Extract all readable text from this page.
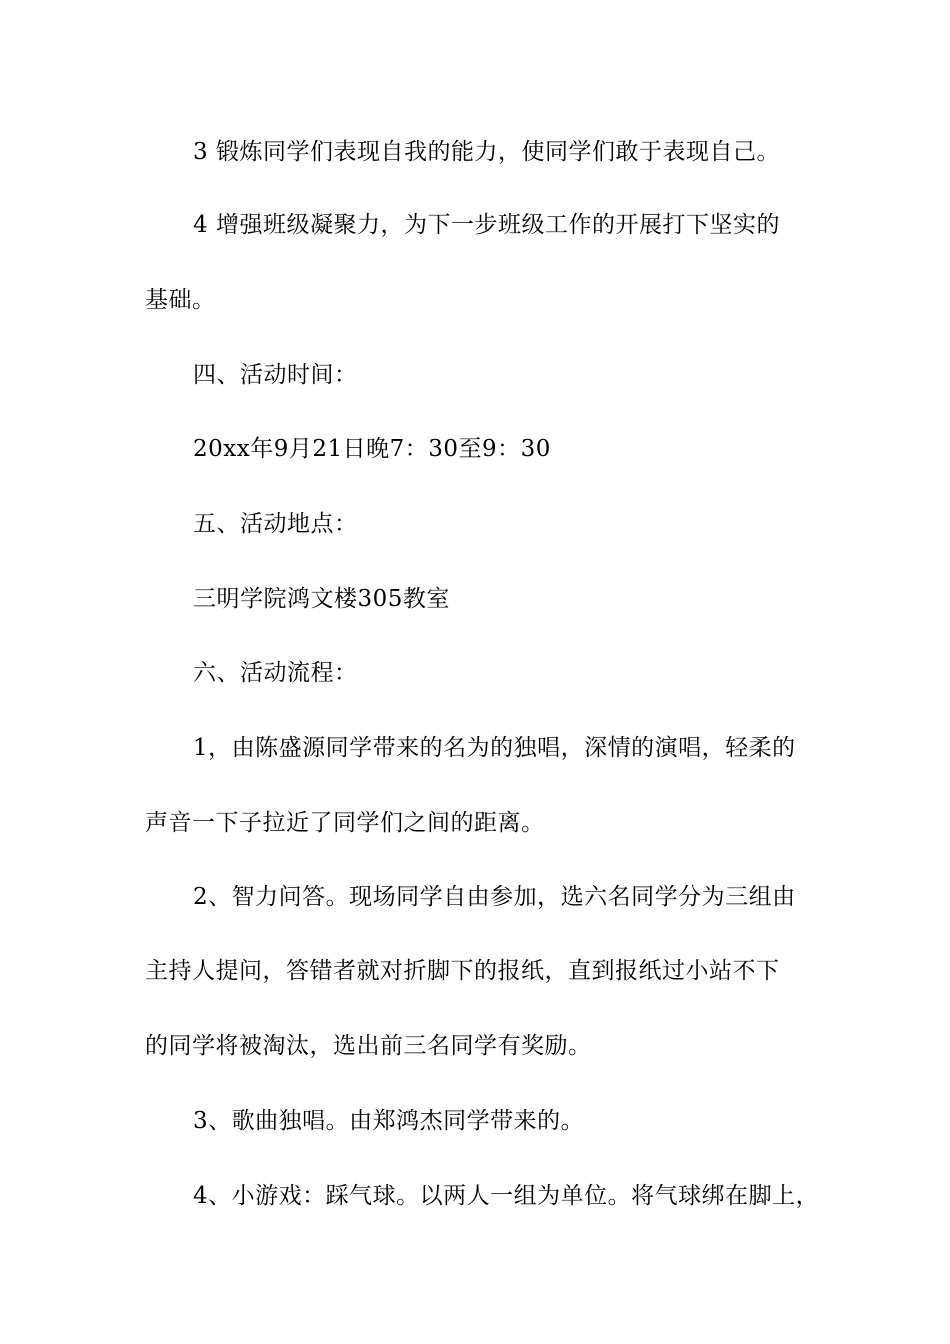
3 锻炼同学们表现自我的能力，使同学们敢于表现自己。
4 增强班级凝聚力，为下一步班级工作的开展打下坚实的
基础。
四、活动时间：
20xx年9月21日晚7：30至9：30
五、活动地点：
三明学院鸿文楼305教室
六、活动流程：
1，由陈盛源同学带来的名为的独唱，深情的演唱，轻柔的
声音一下子拉近了同学们之间的距离。
2、智力问答。现场同学自由参加，选六名同学分为三组由
主持人提问，答错者就对折脚下的报纸，直到报纸过小站不下
的同学将被淘汰，选出前三名同学有奖励。
3、歌曲独唱。由郑鸿杰同学带来的。
4、小游戏：踩气球。以两人一组为单位。将气球绑在脚上，
